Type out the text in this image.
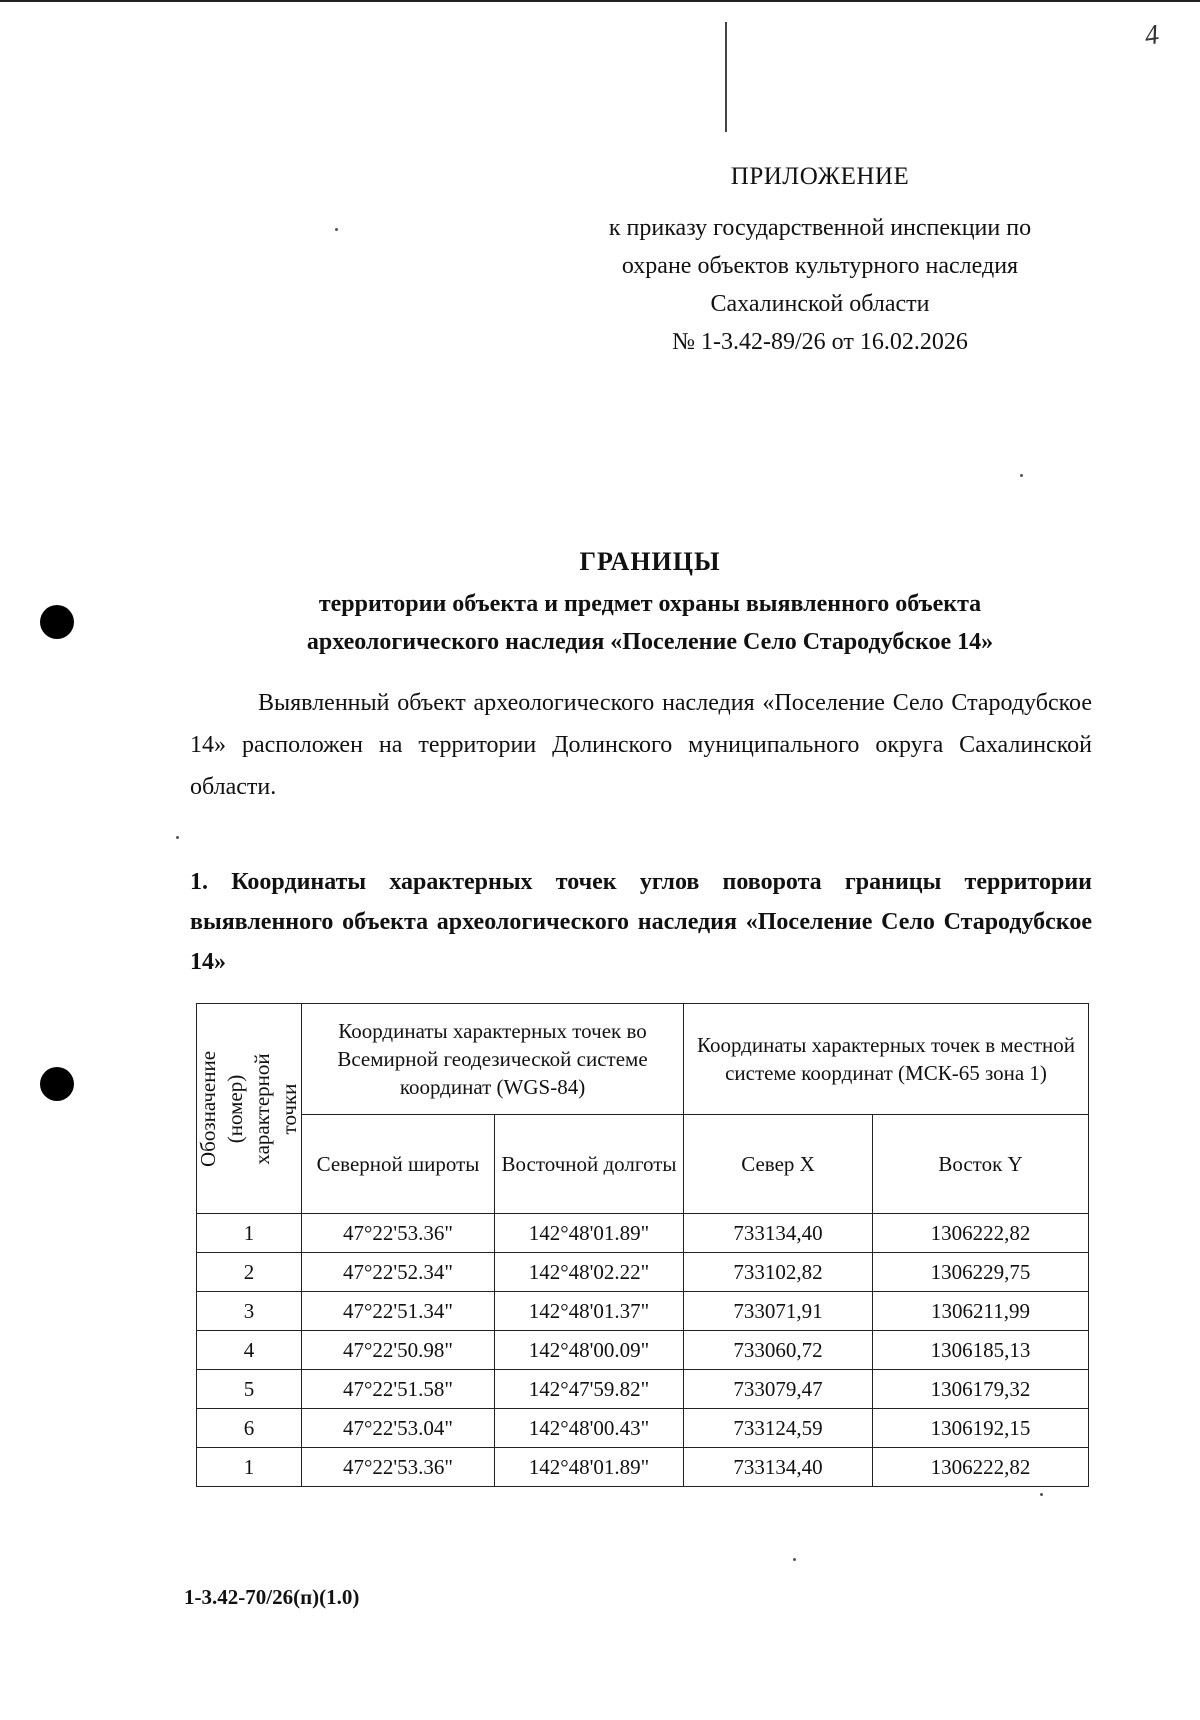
4
ПРИЛОЖЕНИЕ
к приказу государственной инспекции по
охране объектов культурного наследия
Сахалинской области
№ 1-3.42-89/26 от 16.02.2026
ГРАНИЦЫ
территории объекта и предмет охраны выявленного объекта
археологического наследия «Поселение Село Стародубское 14»
Выявленный объект археологического наследия «Поселение Село Стародубское 14» расположен на территории Долинского муниципального округа Сахалинской области.
1. Координаты характерных точек углов поворота границы территории выявленного объекта археологического наследия «Поселение Село Стародубское 14»
Обозначение
(номер)
характерной
точки	Координаты характерных точек во Всемирной геодезической системе координат (WGS-84)		Координаты характерных точек в местной системе координат (МСК-65 зона 1)	
	Северной широты	Восточной долготы	Север X	Восток Y
1	47°22'53.36"	142°48'01.89"	733134,40	1306222,82
2	47°22'52.34"	142°48'02.22"	733102,82	1306229,75
3	47°22'51.34"	142°48'01.37"	733071,91	1306211,99
4	47°22'50.98"	142°48'00.09"	733060,72	1306185,13
5	47°22'51.58"	142°47'59.82"	733079,47	1306179,32
6	47°22'53.04"	142°48'00.43"	733124,59	1306192,15
1	47°22'53.36"	142°48'01.89"	733134,40	1306222,82
1-3.42-70/26(п)(1.0)
